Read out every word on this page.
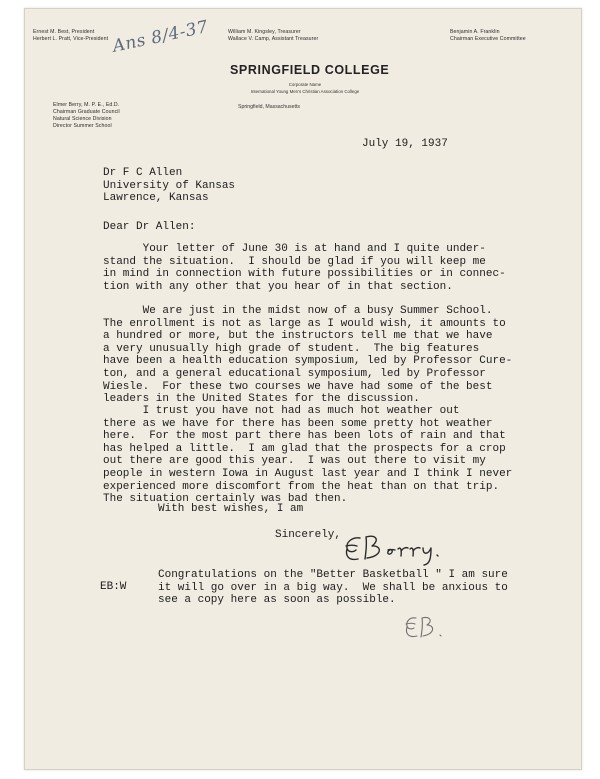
Ernest M. Best, President
Herbert L. Pratt, Vice-President
William M. Kingsley, Treasurer
Wallace V. Camp, Assistant Treasurer
Benjamin A. Franklin
Chairman Executive Committee
Elmer Berry, M. P. E., Ed.D.
Chairman Graduate Council
Natural Science Division
Director Summer School
SPRINGFIELD COLLEGE
Corporate Name
International Young Men's Christian Association College
Springfield, Massachusetts
Ans 8/4-37
July 19, 1937
Dr F C Allen
University of Kansas
Lawrence, Kansas
Dear Dr Allen:
Your letter of June 30 is at hand and I quite under-
stand the situation.  I should be glad if you will keep me
in mind in connection with future possibilities or in connec-
tion with any other that you hear of in that section.
We are just in the midst now of a busy Summer School.
The enrollment is not as large as I would wish, it amounts to
a hundred or more, but the instructors tell me that we have
a very unusually high grade of student.  The big features
have been a health education symposium, led by Professor Cure-
ton, and a general educational symposium, led by Professor
Wiesle.  For these two courses we have had some of the best
leaders in the United States for the discussion.
I trust you have not had as much hot weather out
there as we have for there has been some pretty hot weather
here.  For the most part there has been lots of rain and that
has helped a little.  I am glad that the prospects for a crop
out there are good this year.  I was out there to visit my
people in western Iowa in August last year and I think I never
experienced more discomfort from the heat than on that trip.
The situation certainly was bad then.
With best wishes, I am
Sincerely,
Congratulations on the "Better Basketball " I am sure
it will go over in a big way.  We shall be anxious to
see a copy here as soon as possible.
EB:W
